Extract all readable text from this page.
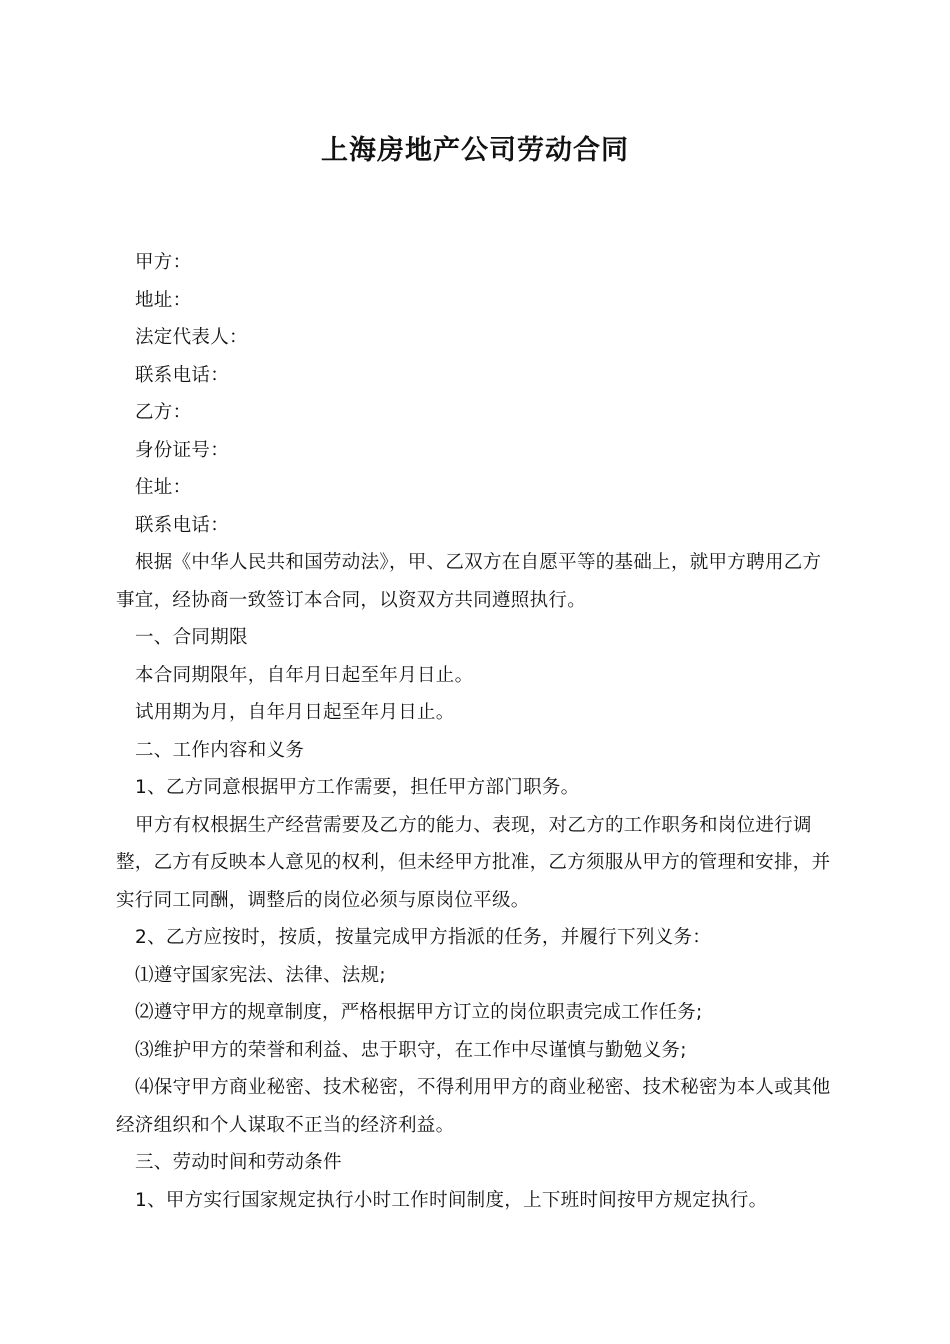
上海房地产公司劳动合同

甲方：

地址：

法定代表人：

联系电话：

乙方：

身份证号：

住址：

联系电话：

根据《中华人民共和国劳动法》，甲、乙双方在自愿平等的基础上，就甲方聘用乙方事宜，经协商一致签订本合同，以资双方共同遵照执行。

一、合同期限

本合同期限年，自年月日起至年月日止。

试用期为月，自年月日起至年月日止。

二、工作内容和义务

1、乙方同意根据甲方工作需要，担任甲方部门职务。

甲方有权根据生产经营需要及乙方的能力、表现，对乙方的工作职务和岗位进行调整，乙方有反映本人意见的权利，但未经甲方批准，乙方须服从甲方的管理和安排，并实行同工同酬，调整后的岗位必须与原岗位平级。

2、乙方应按时，按质，按量完成甲方指派的任务，并履行下列义务：

⑴遵守国家宪法、法律、法规;

⑵遵守甲方的规章制度，严格根据甲方订立的岗位职责完成工作任务;

⑶维护甲方的荣誉和利益、忠于职守，在工作中尽谨慎与勤勉义务;

⑷保守甲方商业秘密、技术秘密，不得利用甲方的商业秘密、技术秘密为本人或其他经济组织和个人谋取不正当的经济利益。

三、劳动时间和劳动条件

1、甲方实行国家规定执行小时工作时间制度，上下班时间按甲方规定执行。
